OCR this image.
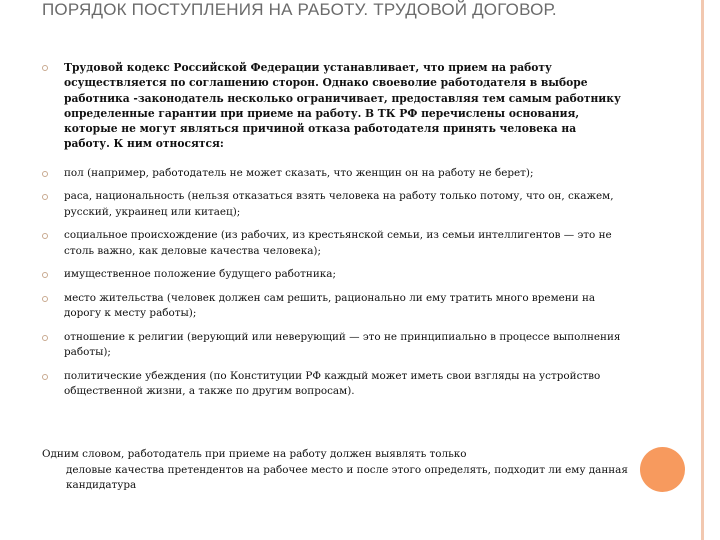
ПОРЯДОК ПОСТУПЛЕНИЯ НА РАБОТУ. ТРУДОВОЙ ДОГОВОР.
Трудовой кодекс Российской Федерации устанавливает, что прием на работу осуществляется по соглашению сторон. Однако своеволие работодателя в выборе работника -законодатель несколько ограничивает, предоставляя тем самым работнику определенные гарантии при приеме на работу. В ТК РФ перечислены основания, которые не могут являться причиной отказа работодателя принять человека на работу. К ним относятся:
пол (например, работодатель не может сказать, что женщин он на работу не берет);
раса, национальность (нельзя отказаться взять человека на работу только потому, что он, скажем, русский, украинец или китаец);
социальное происхождение (из рабочих, из крестьянской семьи, из семьи интеллигентов — это не столь важно, как деловые качества человека);
имущественное положение будущего работника;
место жительства (человек должен сам решить, рационально ли ему тратить много времени на дорогу к месту работы);
отношение к религии (верующий или неверующий — это не принципиально в процессе выполнения работы);
политические убеждения (по Конституции РФ каждый может иметь свои взгляды на устройство общественной жизни, а также по другим вопросам).
Одним словом, работодатель при приеме на работу должен выявлять только
деловые качества претендентов на рабочее место и после этого определять, подходит ли ему данная кандидатура
